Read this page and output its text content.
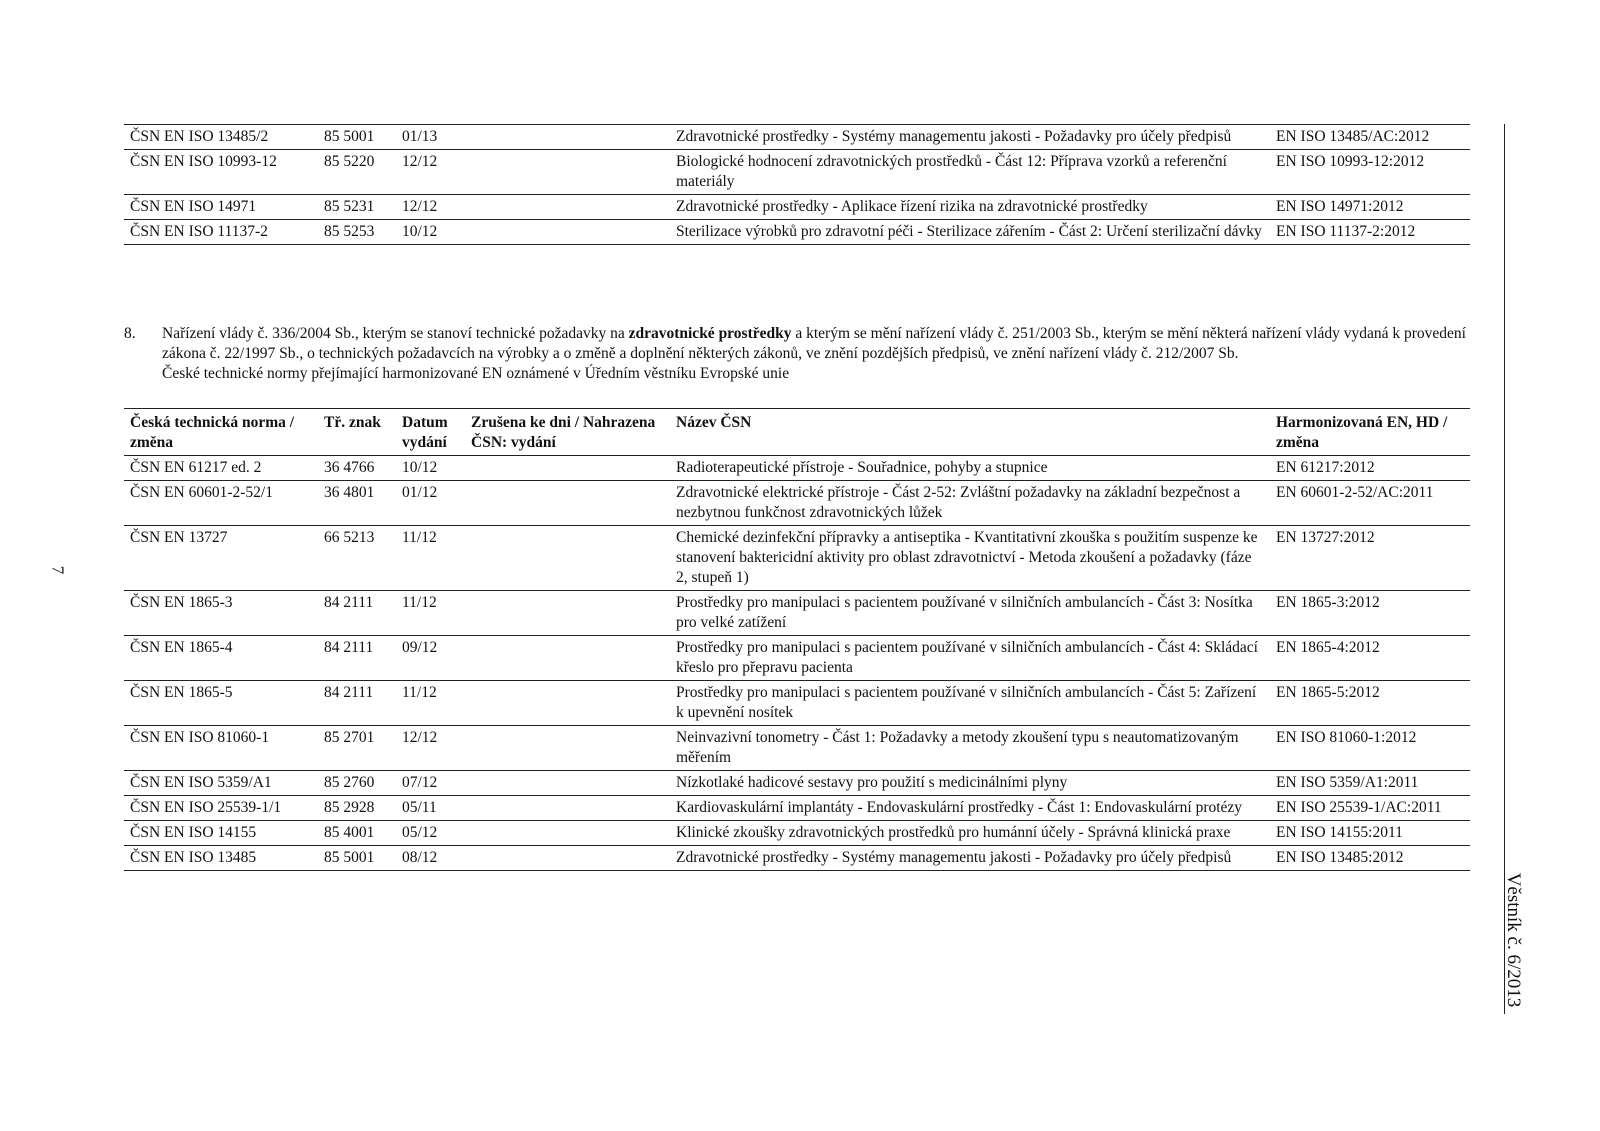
7
ČSN EN ISO 13485/2	85 5001	01/13		Zdravotnické prostředky - Systémy managementu jakosti - Požadavky pro účely předpisů	EN ISO 13485/AC:2012
ČSN EN ISO 10993-12	85 5220	12/12		Biologické hodnocení zdravotnických prostředků - Část 12: Příprava vzorků a referenční materiály	EN ISO 10993-12:2012
ČSN EN ISO 14971	85 5231	12/12		Zdravotnické prostředky - Aplikace řízení rizika na zdravotnické prostředky	EN ISO 14971:2012
ČSN EN ISO 11137-2	85 5253	10/12		Sterilizace výrobků pro zdravotní péči - Sterilizace zářením - Část 2: Určení sterilizační dávky	EN ISO 11137-2:2012
8.	Nařízení vlády č. 336/2004 Sb., kterým se stanoví technické požadavky na zdravotnické prostředky a kterým se mění nařízení vlády č. 251/2003 Sb., kterým se mění některá nařízení vlády vydaná k provedení zákona č. 22/1997 Sb., o technických požadavcích na výrobky a o změně a doplnění některých zákonů, ve znění pozdějších předpisů, ve znění nařízení vlády č. 212/2007 Sb.
České technické normy přejímající harmonizované EN oznámené v Úředním věstníku Evropské unie
Česká technická norma / změna	Tř. znak	Datum vydání	Zrušena ke dni / Nahrazena ČSN: vydání	Název ČSN	Harmonizovaná EN, HD / změna
ČSN EN 61217 ed. 2	36 4766	10/12		Radioterapeutické přístroje - Souřadnice, pohyby a stupnice	EN 61217:2012
ČSN EN 60601-2-52/1	36 4801	01/12		Zdravotnické elektrické přístroje - Část 2-52: Zvláštní požadavky na základní bezpečnost a nezbytnou funkčnost zdravotnických lůžek	EN 60601-2-52/AC:2011
ČSN EN 13727	66 5213	11/12		Chemické dezinfekční přípravky a antiseptika - Kvantitativní zkouška s použitím suspenze ke stanovení baktericidní aktivity pro oblast zdravotnictví - Metoda zkoušení a požadavky (fáze 2, stupeň 1)	EN 13727:2012
ČSN EN 1865-3	84 2111	11/12		Prostředky pro manipulaci s pacientem používané v silničních ambulancích - Část 3: Nosítka pro velké zatížení	EN 1865-3:2012
ČSN EN 1865-4	84 2111	09/12		Prostředky pro manipulaci s pacientem používané v silničních ambulancích - Část 4: Skládací křeslo pro přepravu pacienta	EN 1865-4:2012
ČSN EN 1865-5	84 2111	11/12		Prostředky pro manipulaci s pacientem používané v silničních ambulancích - Část 5: Zařízení k upevnění nosítek	EN 1865-5:2012
ČSN EN ISO 81060-1	85 2701	12/12		Neinvazivní tonometry - Část 1: Požadavky a metody zkoušení typu s neautomatizovaným měřením	EN ISO 81060-1:2012
ČSN EN ISO 5359/A1	85 2760	07/12		Nízkotlaké hadicové sestavy pro použití s medicinálními plyny	EN ISO 5359/A1:2011
ČSN EN ISO 25539-1/1	85 2928	05/11		Kardiovaskulární implantáty - Endovaskulární prostředky - Část 1: Endovaskulární protézy	EN ISO 25539-1/AC:2011
ČSN EN ISO 14155	85 4001	05/12		Klinické zkoušky zdravotnických prostředků pro humánní účely - Správná klinická praxe	EN ISO 14155:2011
ČSN EN ISO 13485	85 5001	08/12		Zdravotnické prostředky - Systémy managementu jakosti - Požadavky pro účely předpisů	EN ISO 13485:2012
Věstník č. 6/2013
